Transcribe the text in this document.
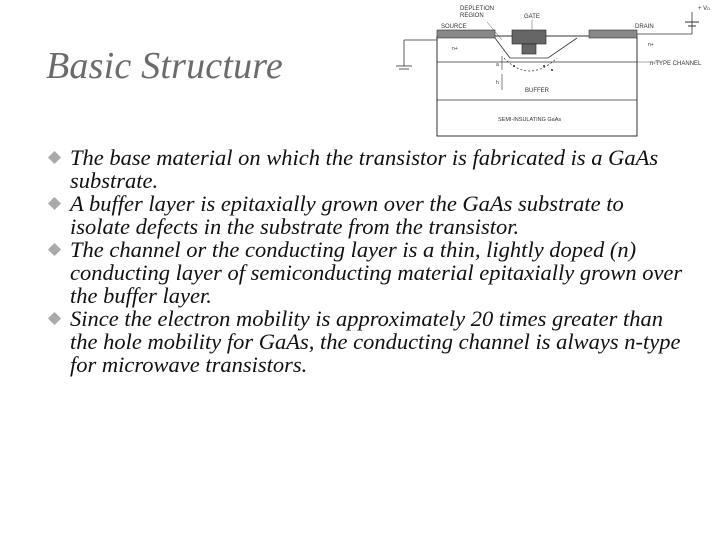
Basic Structure
DEPLETION REGION	GATE
+ VD
SOURCE	DRAIN
n+
n+
n-TYPE CHANNEL
a
h
BUFFER
SEMI-INSULATING GaAs
The base material on which the transistor is fabricated is a GaAs substrate.
A buffer layer is epitaxially grown over the GaAs substrate to isolate defects in the substrate from the transistor.
The channel or the conducting layer is a thin, lightly doped (n) conducting layer of semiconducting material epitaxially grown over the buffer layer.
Since the electron mobility is approximately 20 times greater than the hole mobility for GaAs, the conducting channel is always n-type for microwave transistors.
